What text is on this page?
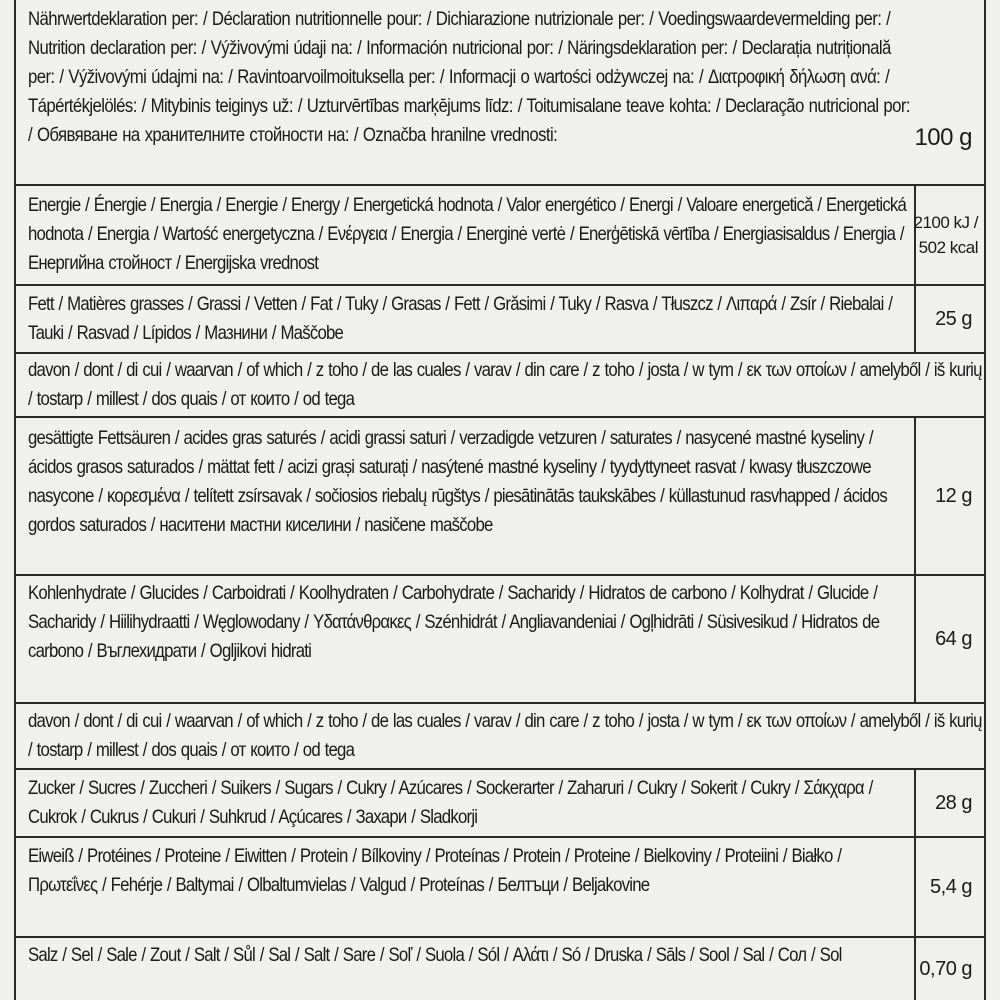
Nährwertdeklaration per: / Déclaration nutritionnelle pour: / Dichiarazione nutrizionale per: / Voedingswaardevermelding per: / Nutrition declaration per: / Výživovými údaji na: / Información nutricional por: / Näringsdeklaration per: / Declarația nutrițională per: / Výživovými údajmi na: / Ravintoarvoilmoituksella per: / Informacji o wartości odżywczej na: / Διατροφική δήλωση ανά: / Tápértékjelölés: / Mitybinis teiginys už: / Uzturvērtības marķējums līdz: / Toitumisalane teave kohta: / Declaração nutricional por: / Обявяване на хранителните стойности на: / Označba hranilne vrednosti:	100 g
Energie / Énergie / Energia / Energie / Energy / Energetická hodnota / Valor energético / Energi / Valoare energetică / Energetická hodnota / Energia / Wartość energetyczna / Ενέργεια / Energia / Energinė vertė / Enerģētiskā vērtība / Energiasisaldus / Energia / Енергийна стойност / Energijska vrednost
2100 kJ /
502 kcal
Fett / Matières grasses / Grassi / Vetten / Fat / Tuky / Grasas / Fett / Grăsimi / Tuky / Rasva / Tłuszcz / Λιπαρά / Zsír / Riebalai / Tauki / Rasvad / Lípidos / Мазнини / Maščobe
25 g
davon / dont / di cui / waarvan / of which / z toho / de las cuales / varav / din care / z toho / josta / w tym / εκ των οποίων / amelyből / iš kurių / tostarp / millest / dos quais / от които / od tega
gesättigte Fettsäuren / acides gras saturés / acidi grassi saturi / verzadigde vetzuren / saturates / nasycené mastné kyseliny / ácidos grasos saturados / mättat fett / acizi grași saturați / nasýtené mastné kyseliny / tyydyttyneet rasvat / kwasy tłuszczowe nasycone / κορεσμένα / telített zsírsavak / sočiosios riebalų rūgštys / piesātinātās taukskābes / küllastunud rasvhapped / ácidos gordos saturados / наситени мастни киселини / nasičene maščobe
12 g
Kohlenhydrate / Glucides / Carboidrati / Koolhydraten / Carbohydrate / Sacharidy / Hidratos de carbono / Kolhydrat / Glucide / Sacharidy / Hiilihydraatti / Węglowodany / Υδατάνθρακες / Szénhidrát / Angliavandeniai / Ogļhidrāti / Süsivesikud / Hidratos de carbono / Въглехидрати / Ogljikovi hidrati
64 g
davon / dont / di cui / waarvan / of which / z toho / de las cuales / varav / din care / z toho / josta / w tym / εκ των οποίων / amelyből / iš kurių / tostarp / millest / dos quais / от които / od tega
Zucker / Sucres / Zuccheri / Suikers / Sugars / Cukry / Azúcares / Sockerarter / Zaharuri / Cukry / Sokerit / Cukry / Σάκχαρα / Cukrok / Cukrus / Cukuri / Suhkrud / Açúcares / Захари / Sladkorji
28 g
Eiweiß / Protéines / Proteine / Eiwitten / Protein / Bílkoviny / Proteínas / Protein / Proteine / Bielkoviny / Proteiini / Białko / Πρωτεΐνες / Fehérje / Baltymai / Olbaltumvielas / Valgud / Proteínas / Белтъци / Beljakovine	5,4 g
Salz / Sel / Sale / Zout / Salt / Sůl / Sal / Salt / Sare / Soľ / Suola / Sól / Αλάτι / Só / Druska / Sāls / Sool / Sal / Сол / Sol
0,70 g
